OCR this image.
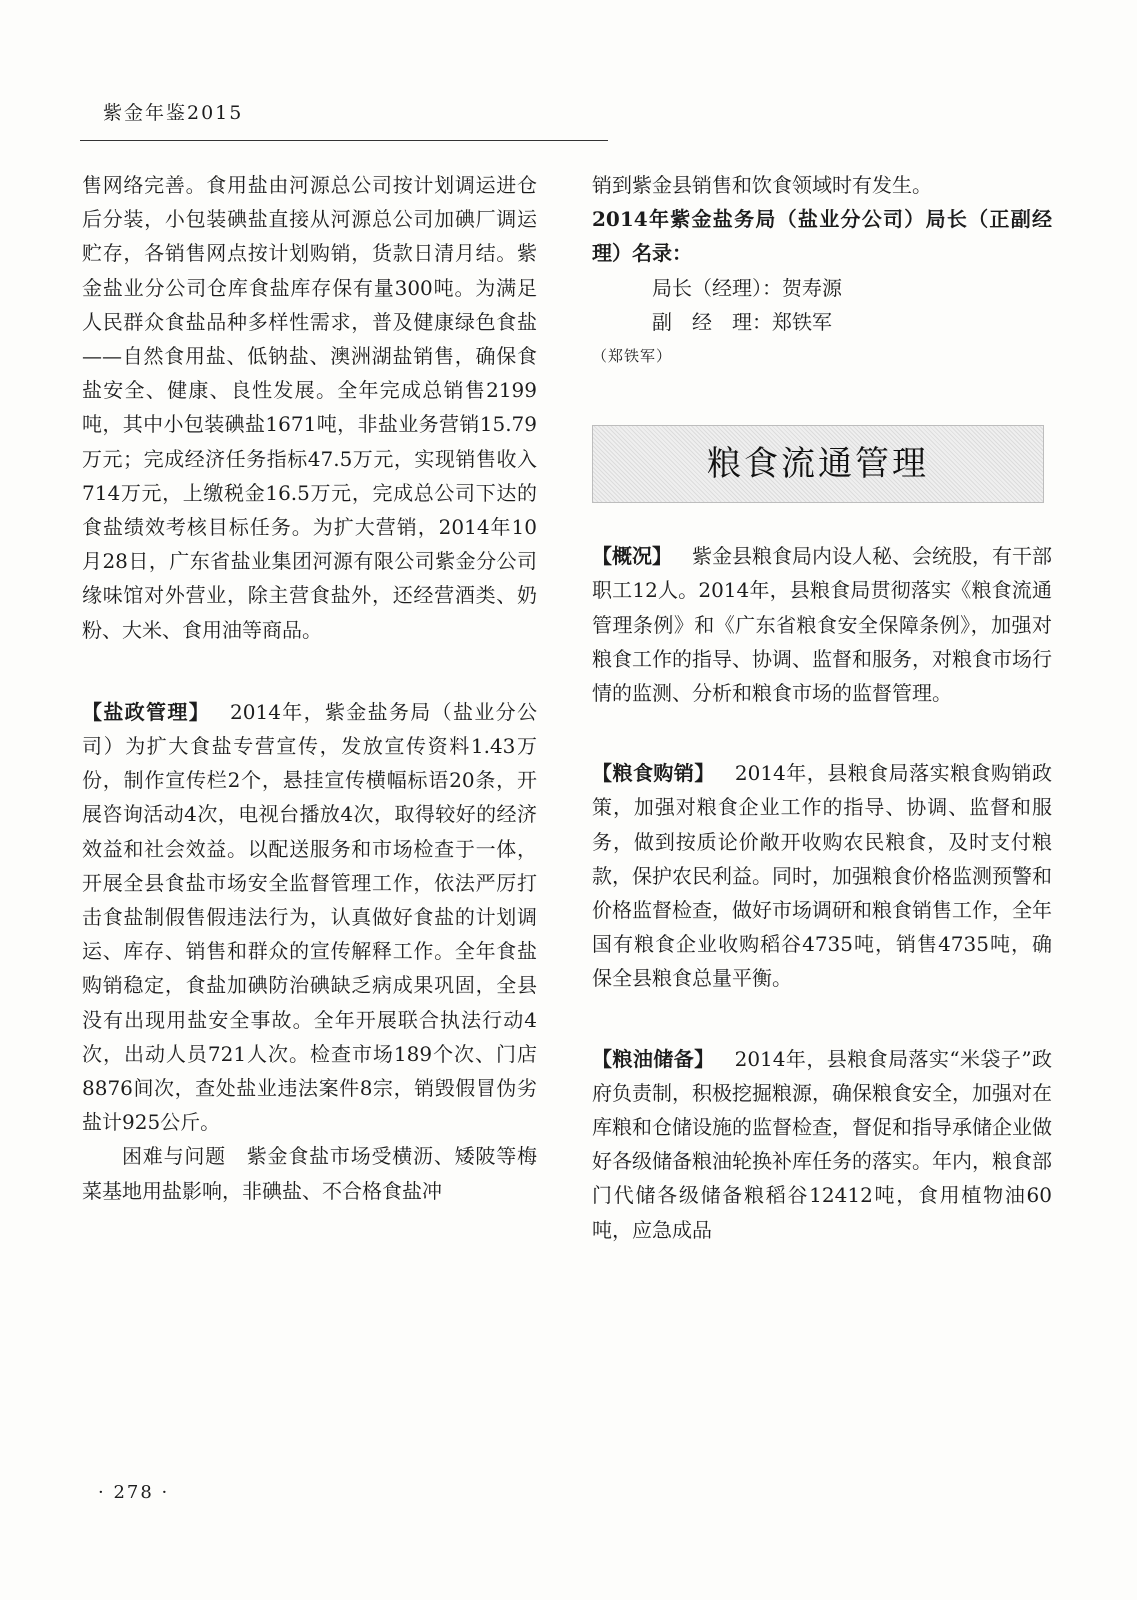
紫金年鉴2015

售网络完善。食用盐由河源总公司按计划调运进仓后分装，小包装碘盐直接从河源总公司加碘厂调运贮存，各销售网点按计划购销，货款日清月结。紫金盐业分公司仓库食盐库存保有量300吨。为满足人民群众食盐品种多样性需求，普及健康绿色食盐——自然食用盐、低钠盐、澳洲湖盐销售，确保食盐安全、健康、良性发展。全年完成总销售2199吨，其中小包装碘盐1671吨，非盐业务营销15.79万元；完成经济任务指标47.5万元，实现销售收入714万元，上缴税金16.5万元，完成总公司下达的食盐绩效考核目标任务。为扩大营销，2014年10月28日，广东省盐业集团河源有限公司紫金分公司缘味馆对外营业，除主营食盐外，还经营酒类、奶粉、大米、食用油等商品。

【盐政管理】  2014年，紫金盐务局（盐业分公司）为扩大食盐专营宣传，发放宣传资料1.43万份，制作宣传栏2个，悬挂宣传横幅标语20条，开展咨询活动4次，电视台播放4次，取得较好的经济效益和社会效益。以配送服务和市场检查于一体，开展全县食盐市场安全监督管理工作，依法严厉打击食盐制假售假违法行为，认真做好食盐的计划调运、库存、销售和群众的宣传解释工作。全年食盐购销稳定，食盐加碘防治碘缺乏病成果巩固，全县没有出现用盐安全事故。全年开展联合执法行动4次，出动人员721人次。检查市场189个次、门店8876间次，查处盐业违法案件8宗，销毁假冒伪劣盐计925公斤。

困难与问题  紫金食盐市场受横沥、矮陂等梅菜基地用盐影响，非碘盐、不合格食盐冲

销到紫金县销售和饮食领域时有发生。

2014年紫金盐务局（盐业分公司）局长（正副经理）名录：

局长（经理）：贺寿源

副　经　理：郑铁军

（郑铁军）

粮食流通管理

【概况】  紫金县粮食局内设人秘、会统股，有干部职工12人。2014年，县粮食局贯彻落实《粮食流通管理条例》和《广东省粮食安全保障条例》，加强对粮食工作的指导、协调、监督和服务，对粮食市场行情的监测、分析和粮食市场的监督管理。

【粮食购销】  2014年，县粮食局落实粮食购销政策，加强对粮食企业工作的指导、协调、监督和服务，做到按质论价敞开收购农民粮食，及时支付粮款，保护农民利益。同时，加强粮食价格监测预警和价格监督检查，做好市场调研和粮食销售工作，全年国有粮食企业收购稻谷4735吨，销售4735吨，确保全县粮食总量平衡。

【粮油储备】  2014年，县粮食局落实“米袋子”政府负责制，积极挖掘粮源，确保粮食安全，加强对在库粮和仓储设施的监督检查，督促和指导承储企业做好各级储备粮油轮换补库任务的落实。年内，粮食部门代储各级储备粮稻谷12412吨，食用植物油60吨，应急成品

· 278 ·
